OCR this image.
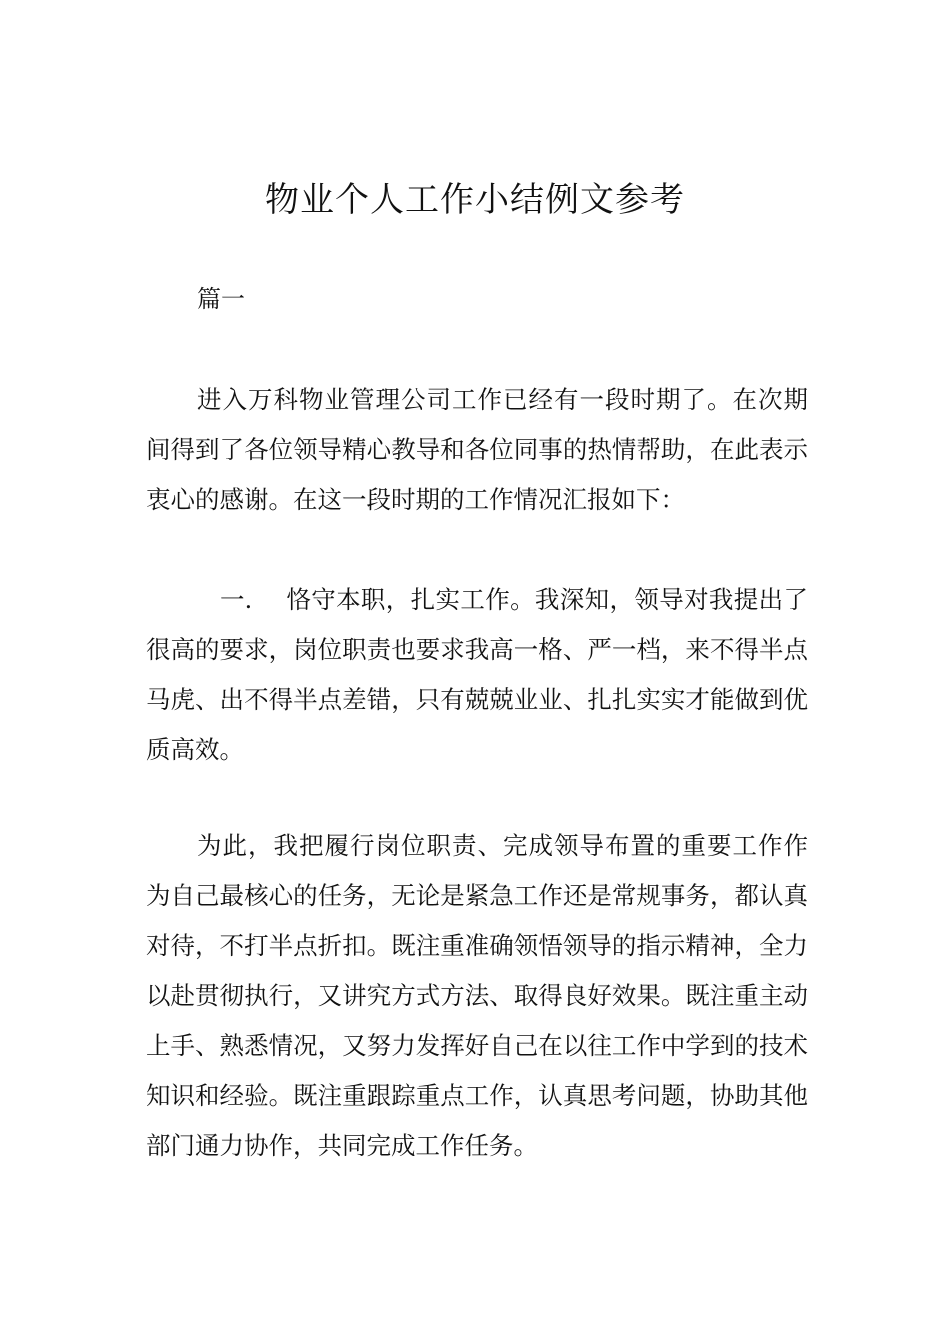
物业个人工作小结例文参考
篇一

进入万科物业管理公司工作已经有一段时期了。在次期间得到了各位领导精心教导和各位同事的热情帮助，在此表示衷心的感谢。在这一段时期的工作情况汇报如下：

一. 恪守本职，扎实工作。我深知，领导对我提出了很高的要求，岗位职责也要求我高一格、严一档，来不得半点马虎、出不得半点差错，只有兢兢业业、扎扎实实才能做到优质高效。

为此，我把履行岗位职责、完成领导布置的重要工作作为自己最核心的任务，无论是紧急工作还是常规事务，都认真对待，不打半点折扣。既注重准确领悟领导的指示精神，全力以赴贯彻执行，又讲究方式方法、取得良好效果。既注重主动上手、熟悉情况，又努力发挥好自己在以往工作中学到的技术知识和经验。既注重跟踪重点工作，认真思考问题，协助其他部门通力协作，共同完成工作任务。
